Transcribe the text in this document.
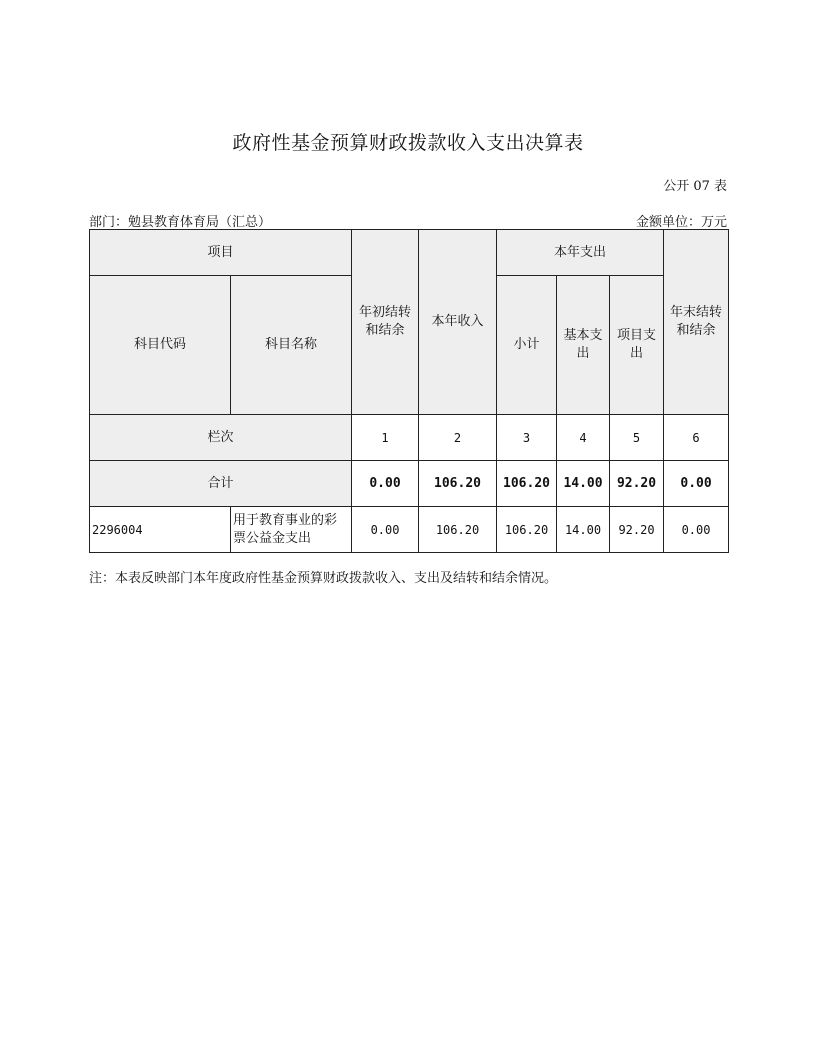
政府性基金预算财政拨款收入支出决算表
公开 07 表
部门：勉县教育体育局（汇总）	金额单位：万元
项目		年初结转和结余	本年收入	本年支出			年末结转和结余
科目代码	科目名称			小计	基本支出	项目支出	
栏次		1	2	3	4	5	6
合计		0.00	106.20	106.20	14.00	92.20	0.00
2296004	用于教育事业的彩票公益金支出	0.00	106.20	106.20	14.00	92.20	0.00
注：本表反映部门本年度政府性基金预算财政拨款收入、支出及结转和结余情况。
